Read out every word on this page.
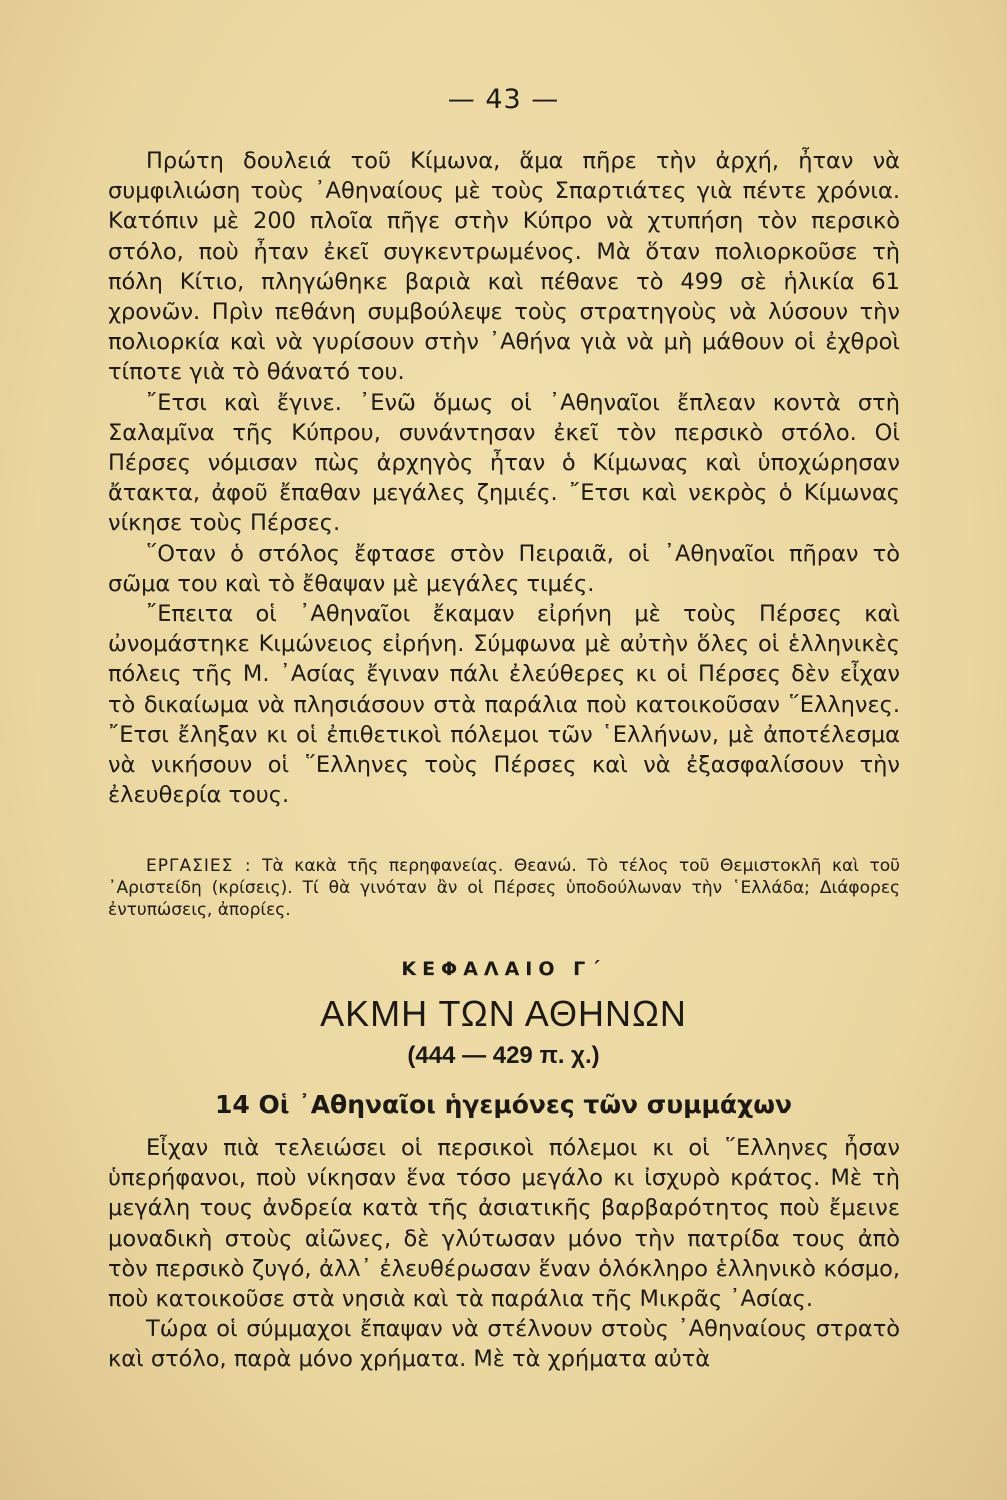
— 43 —

Πρώτη δουλειά τοῦ Κίμωνα, ἅμα πῆρε τὴν ἀρχή, ἦταν νὰ συμφιλιώση τοὺς ᾿Αθηναίους μὲ τοὺς Σπαρτιάτες γιὰ πέντε χρόνια. Κατόπιν μὲ 200 πλοῖα πῆγε στὴν Κύπρο νὰ χτυπήση τὸν περσικὸ στόλο, ποὺ ἦταν ἐκεῖ συγκεντρωμένος. Μὰ ὅταν πολιορκοῦσε τὴ πόλη Κίτιο, πληγώθηκε βαριὰ καὶ πέθανε τὸ 499 σὲ ἡλικία 61 χρονῶν. Πρὶν πεθάνη συμβούλεψε τοὺς στρατηγοὺς νὰ λύσουν τὴν πολιορκία καὶ νὰ γυρίσουν στὴν ᾿Αθήνα γιὰ νὰ μὴ μάθουν οἱ ἐχθροὶ τίποτε γιὰ τὸ θάνατό του.

῎Ετσι καὶ ἔγινε. ᾿Ενῶ ὅμως οἱ ᾿Αθηναῖοι ἔπλεαν κοντὰ στὴ Σαλαμῖνα τῆς Κύπρου, συνάντησαν ἐκεῖ τὸν περσικὸ στόλο. Οἱ Πέρσες νόμισαν πὼς ἀρχηγὸς ἦταν ὁ Κίμωνας καὶ ὑποχώρησαν ἄτακτα, ἀφοῦ ἔπαθαν μεγάλες ζημιές. ῎Ετσι καὶ νεκρὸς ὁ Κίμωνας νίκησε τοὺς Πέρσες.

῞Οταν ὁ στόλος ἔφτασε στὸν Πειραιᾶ, οἱ ᾿Αθηναῖοι πῆραν τὸ σῶμα του καὶ τὸ ἔθαψαν μὲ μεγάλες τιμές.

῎Επειτα οἱ ᾿Αθηναῖοι ἔκαμαν εἰρήνη μὲ τοὺς Πέρσες καὶ ὠνομάστηκε Κιμώνειος εἰρήνη. Σύμφωνα μὲ αὐτὴν ὅλες οἱ ἑλληνικὲς πόλεις τῆς Μ. ᾿Ασίας ἔγιναν πάλι ἐλεύθερες κι οἱ Πέρσες δὲν εἶχαν τὸ δικαίωμα νὰ πλησιάσουν στὰ παράλια ποὺ κατοικοῦσαν ῞Ελληνες. ῎Ετσι ἔληξαν κι οἱ ἐπιθετικοὶ πόλεμοι τῶν ῾Ελλήνων, μὲ ἀποτέλεσμα νὰ νικήσουν οἱ ῞Ελληνες τοὺς Πέρσες καὶ νὰ ἐξασφαλίσουν τὴν ἐλευθερία τους.

ΕΡΓΑΣΙΕΣ : Τὰ κακὰ τῆς περηφανείας. Θεανώ. Τὸ τέλος τοῦ Θεμιστοκλῆ καὶ τοῦ ᾿Αριστείδη (κρίσεις). Τί θὰ γινόταν ἂν οἱ Πέρσες ὑποδούλωναν τὴν ῾Ελλάδα; Διάφορες ἐντυπώσεις, ἀπορίες.

ΚΕΦΑΛΑΙΟ Γ΄
ΑΚΜΗ ΤΩΝ ΑΘΗΝΩΝ
(444 — 429 π. χ.)
14 Οἱ ᾿Αθηναῖοι ἡγεμόνες τῶν συμμάχων

Εἶχαν πιὰ τελειώσει οἱ περσικοὶ πόλεμοι κι οἱ ῞Ελληνες ἦσαν ὑπερήφανοι, ποὺ νίκησαν ἕνα τόσο μεγάλο κι ἰσχυρὸ κράτος. Μὲ τὴ μεγάλη τους ἀνδρεία κατὰ τῆς ἀσιατικῆς βαρβαρότητος ποὺ ἔμεινε μοναδικὴ στοὺς αἰῶνες, δὲ γλύτωσαν μόνο τὴν πατρίδα τους ἀπὸ τὸν περσικὸ ζυγό, ἀλλ᾿ ἐλευθέρωσαν ἕναν ὁλόκληρο ἑλληνικὸ κόσμο, ποὺ κατοικοῦσε στὰ νησιὰ καὶ τὰ παράλια τῆς Μικρᾶς ᾿Ασίας.

Τώρα οἱ σύμμαχοι ἔπαψαν νὰ στέλνουν στοὺς ᾿Αθηναίους στρατὸ καὶ στόλο, παρὰ μόνο χρήματα. Μὲ τὰ χρήματα αὐτὰ
